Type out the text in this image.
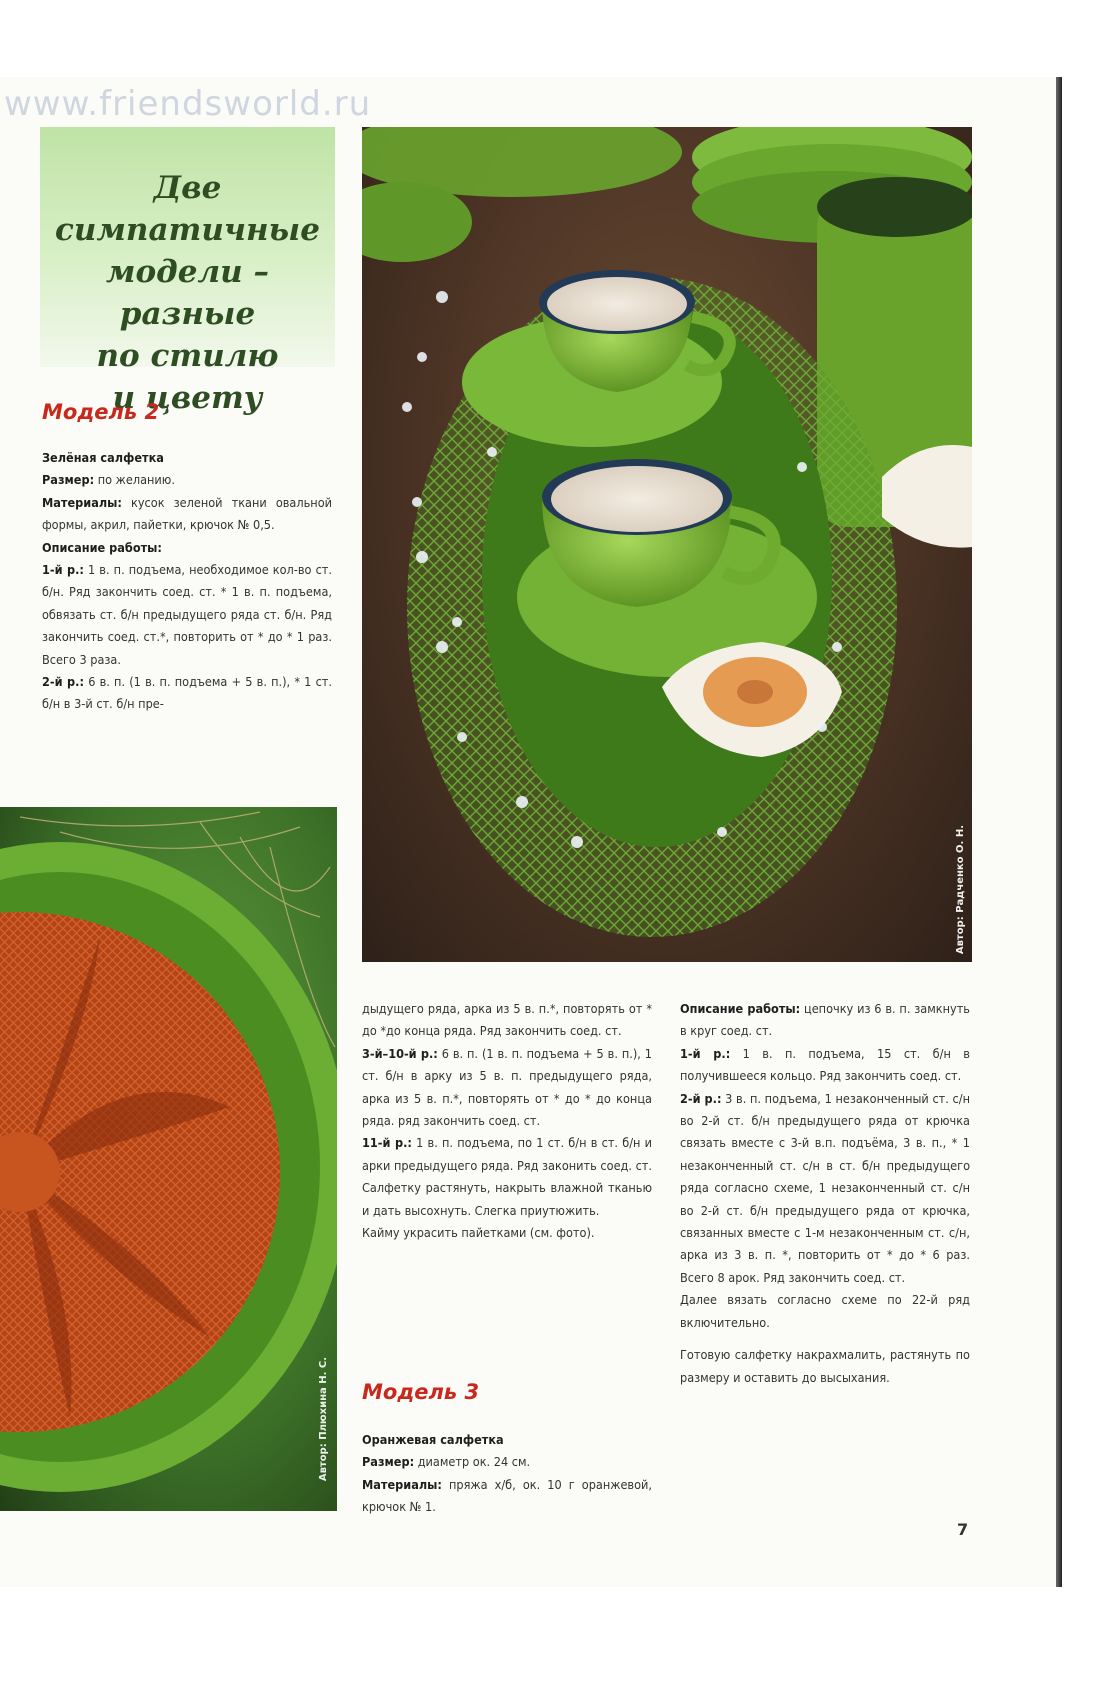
www.friendsworld.ru
Две симпатичные
модели – разные
по стилю
и цвету
Модель 2

Зелёная салфетка

Размер: по желанию.

Материалы: кусок зеленой ткани овальной формы, акрил, пайетки, крючок № 0,5.

Описание работы:

1-й р.: 1 в. п. подъема, необходимое кол-во ст. б/н. Ряд закончить соед. ст. * 1 в. п. подъема, обвязать ст. б/н предыдущего ряда ст. б/н. Ряд закончить соед. ст.*, повторить от * до * 1 раз. Всего 3 раза.

2-й р.: 6 в. п. (1 в. п. подъема + 5 в. п.), * 1 ст. б/н в 3-й ст. б/н пре-

Автор: Радченко О. Н.
Автор: Плюхина Н. С.

дыдущего ряда, арка из 5 в. п.*, повторять от * до *до конца ряда. Ряд закончить соед. ст.

3-й–10-й р.: 6 в. п. (1 в. п. подъема + 5 в. п.), 1 ст. б/н в арку из 5 в. п. предыдущего ряда, арка из 5 в. п.*, повторять от * до * до конца ряда. ряд закончить соед. ст.

11-й р.: 1 в. п. подъема, по 1 ст. б/н в ст. б/н и арки предыдущего ряда. Ряд законить соед. ст.

Салфетку растянуть, накрыть влажной тканью и дать высохнуть. Слегка приутюжить.

Кайму украсить пайетками (см. фото).

Модель 3

Оранжевая салфетка

Размер: диаметр ок. 24 см.

Материалы: пряжа х/б, ок. 10 г оранжевой, крючок № 1.

Описание работы: цепочку из 6 в. п. замкнуть в круг соед. ст.

1-й р.: 1 в. п. подъема, 15 ст. б/н в получившееся кольцо. Ряд закончить соед. ст.

2-й р.: 3 в. п. подъема, 1 незаконченный ст. с/н во 2-й ст. б/н предыдущего ряда от крючка связать вместе с 3-й в.п. подъёма, 3 в. п., * 1 незаконченный ст. с/н в ст. б/н предыдущего ряда согласно схеме, 1 незаконченный ст. с/н во 2-й ст. б/н предыдущего ряда от крючка, связанных вместе с 1-м незаконченным ст. с/н, арка из 3 в. п. *, повторить от * до * 6 раз. Всего 8 арок. Ряд закончить соед. ст.

Далее вязать согласно схеме по 22-й ряд включительно.

Готовую салфетку накрахмалить, растянуть по размеру и оставить до высыхания.

7
